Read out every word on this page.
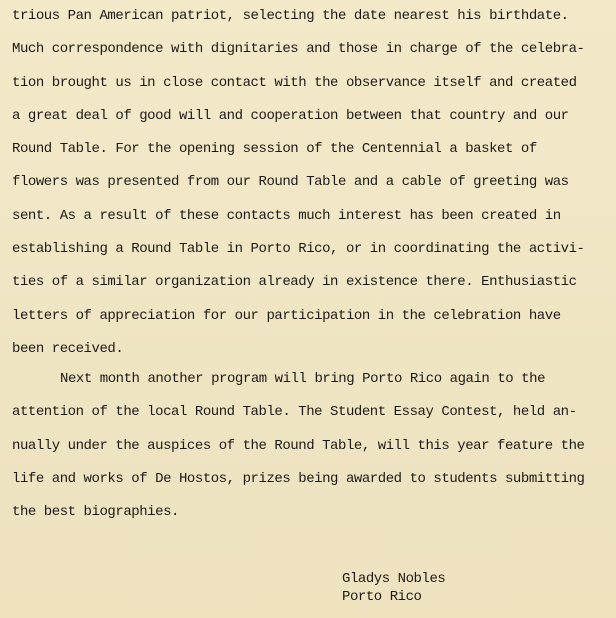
trious Pan American patriot, selecting the date nearest his birthdate.
Much correspondence with dignitaries and those in charge of the celebra-
tion brought us in close contact with the observance itself and created
a great deal of good will and cooperation between that country and our
Round Table. For the opening session of the Centennial a basket of
flowers was presented from our Round Table and a cable of greeting was
sent. As a result of these contacts much interest has been created in
establishing a Round Table in Porto Rico, or in coordinating the activi-
ties of a similar organization already in existence there. Enthusiastic
letters of appreciation for our participation in the celebration have
been received.
Next month another program will bring Porto Rico again to the
attention of the local Round Table. The Student Essay Contest, held an-
nually under the auspices of the Round Table, will this year feature the
life and works of De Hostos, prizes being awarded to students submitting
the best biographies.
Gladys Nobles
Porto Rico
